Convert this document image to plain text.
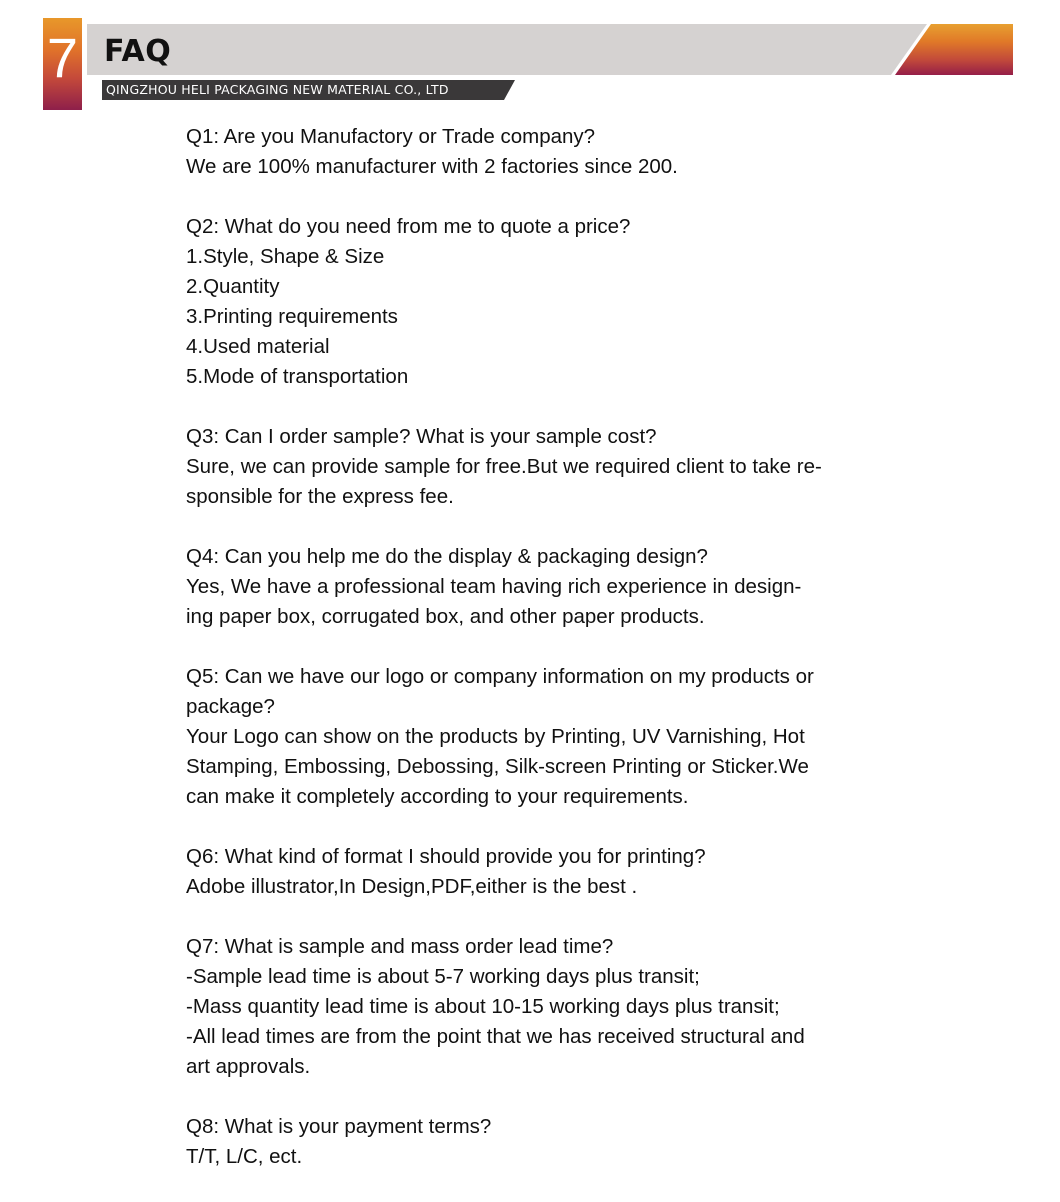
7 FAQ
QINGZHOU HELI PACKAGING NEW MATERIAL CO., LTD
Q1: Are you Manufactory or Trade company?
We are 100% manufacturer with 2 factories since 200.
Q2: What do you need from me to quote a price?
1.Style, Shape & Size
2.Quantity
3.Printing requirements
4.Used material
5.Mode of transportation
Q3: Can I order sample? What is your sample cost?
Sure, we can provide sample for free.But we required client to take re-
sponsible for the express fee.
Q4: Can you help me do the display & packaging design?
Yes, We have a professional team having rich experience in design-
ing paper box, corrugated box, and other paper products.
Q5: Can we have our logo or company information on my products or
package?
Your Logo can show on the products by Printing, UV Varnishing, Hot
Stamping, Embossing, Debossing, Silk-screen Printing or Sticker.We
can make it completely according to your requirements.
Q6: What kind of format I should provide you for printing?
Adobe illustrator,In Design,PDF,either is the best .
Q7: What is sample and mass order lead time?
-Sample lead time is about 5-7 working days plus transit;
-Mass quantity lead time is about 10-15 working days plus transit;
-All lead times are from the point that we has received structural and
art approvals.
Q8: What is your payment terms?
T/T, L/C, ect.
